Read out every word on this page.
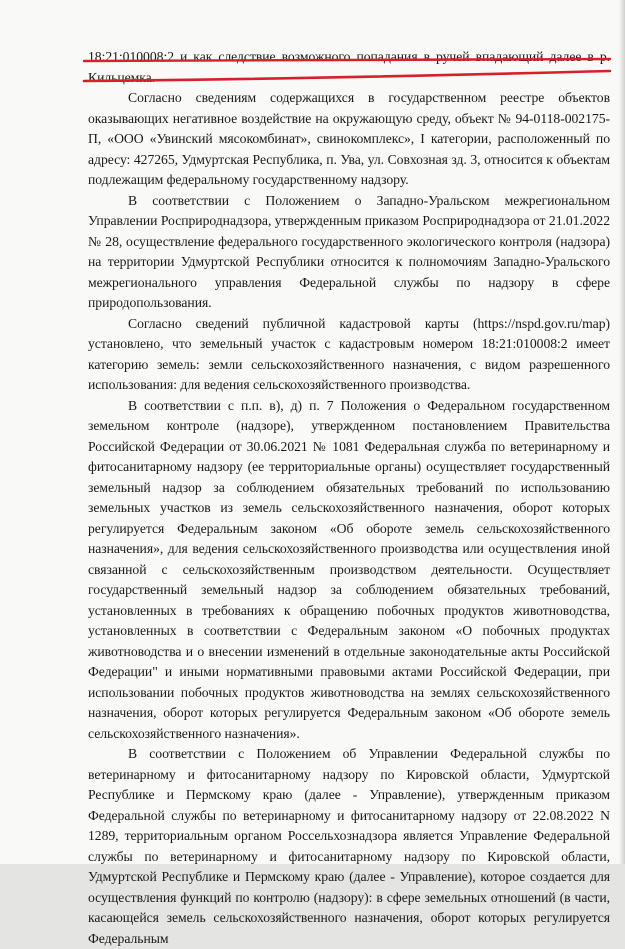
18:21:010008:2 и как следствие возможного попадания в ручей впадающий далее в р. Кильцемка.

Согласно сведениям содержащихся в государственном реестре объектов оказывающих негативное воздействие на окружающую среду, объект № 94-0118-002175-П, «ООО «Увинский мясокомбинат», свинокомплекс», I категории, расположенный по адресу: 427265, Удмуртская Республика, п. Ува, ул. Совхозная зд. 3, относится к объектам подлежащим федеральному государственному надзору.

В соответствии с Положением о Западно-Уральском межрегиональном Управлении Росприроднадзора, утвержденным приказом Росприроднадзора от 21.01.2022 № 28, осуществление федерального государственного экологического контроля (надзора) на территории Удмуртской Республики относится к полномочиям Западно-Уральского межрегионального управления Федеральной службы по надзору в сфере природопользования.

Согласно сведений публичной кадастровой карты (https://nspd.gov.ru/map) установлено, что земельный участок с кадастровым номером 18:21:010008:2 имеет категорию земель: земли сельскохозяйственного назначения, с видом разрешенного использования: для ведения сельскохозяйственного производства.

В соответствии с п.п. в), д) п. 7 Положения о Федеральном государственном земельном контроле (надзоре), утвержденном постановлением Правительства Российской Федерации от 30.06.2021 № 1081 Федеральная служба по ветеринарному и фитосанитарному надзору (ее территориальные органы) осуществляет государственный земельный надзор за соблюдением обязательных требований по использованию земельных участков из земель сельскохозяйственного назначения, оборот которых регулируется Федеральным законом «Об обороте земель сельскохозяйственного назначения», для ведения сельскохозяйственного производства или осуществления иной связанной с сельскохозяйственным производством деятельности. Осуществляет государственный земельный надзор за соблюдением обязательных требований, установленных в требованиях к обращению побочных продуктов животноводства, установленных в соответствии с Федеральным законом «О побочных продуктах животноводства и о внесении изменений в отдельные законодательные акты Российской Федерации" и иными нормативными правовыми актами Российской Федерации, при использовании побочных продуктов животноводства на землях сельскохозяйственного назначения, оборот которых регулируется Федеральным законом «Об обороте земель сельскохозяйственного назначения».

В соответствии с Положением об Управлении Федеральной службы по ветеринарному и фитосанитарному надзору по Кировской области, Удмуртской Республике и Пермскому краю (далее - Управление), утвержденным приказом Федеральной службы по ветеринарному и фитосанитарному надзору от 22.08.2022 N 1289, территориальным органом Россельхознадзора является Управление Федеральной службы по ветеринарному и фитосанитарному надзору по Кировской области, Удмуртской Республике и Пермскому краю (далее - Управление), которое создается для осуществления функций по контролю (надзору): в сфере земельных отношений (в части, касающейся земель сельскохозяйственного назначения, оборот которых регулируется Федеральным
